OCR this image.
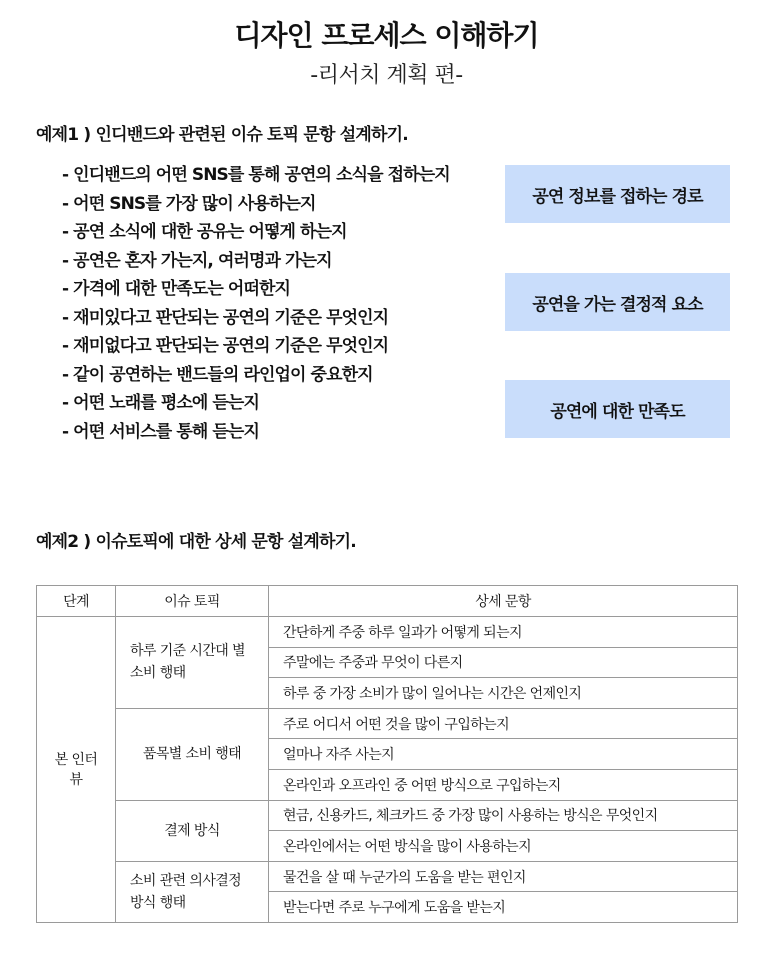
디자인 프로세스 이해하기
-리서치 계획 편-
예제1 ) 인디밴드와 관련된 이슈 토픽 문항 설계하기.
- 인디밴드의 어떤 SNS를 통해 공연의 소식을 접하는지
- 어떤 SNS를 가장 많이 사용하는지
- 공연 소식에 대한 공유는 어떻게 하는지
- 공연은 혼자 가는지, 여러명과 가는지
- 가격에 대한 만족도는 어떠한지
- 재미있다고 판단되는 공연의 기준은 무엇인지
- 재미없다고 판단되는 공연의 기준은 무엇인지
- 같이 공연하는 밴드들의 라인업이 중요한지
- 어떤 노래를 평소에 듣는지
- 어떤 서비스를 통해 듣는지
공연 정보를 접하는 경로
공연을 가는 결정적 요소
공연에 대한 만족도
예제2 ) 이슈토픽에 대한 상세 문항 설계하기.
단계	이슈 토픽	상세 문항
본 인터뷰	하루 기준 시간대 별 소비 행태	간단하게 주중 하루 일과가 어떻게 되는지
		주말에는 주중과 무엇이 다른지
		하루 중 가장 소비가 많이 일어나는 시간은 언제인지
	품목별 소비 행태	주로 어디서 어떤 것을 많이 구입하는지
		얼마나 자주 사는지
		온라인과 오프라인 중 어떤 방식으로 구입하는지
	결제 방식	현금, 신용카드, 체크카드 중 가장 많이 사용하는 방식은 무엇인지
		온라인에서는 어떤 방식을 많이 사용하는지
	소비 관련 의사결정 방식 행태	물건을 살 때 누군가의 도움을 받는 편인지
		받는다면 주로 누구에게 도움을 받는지
